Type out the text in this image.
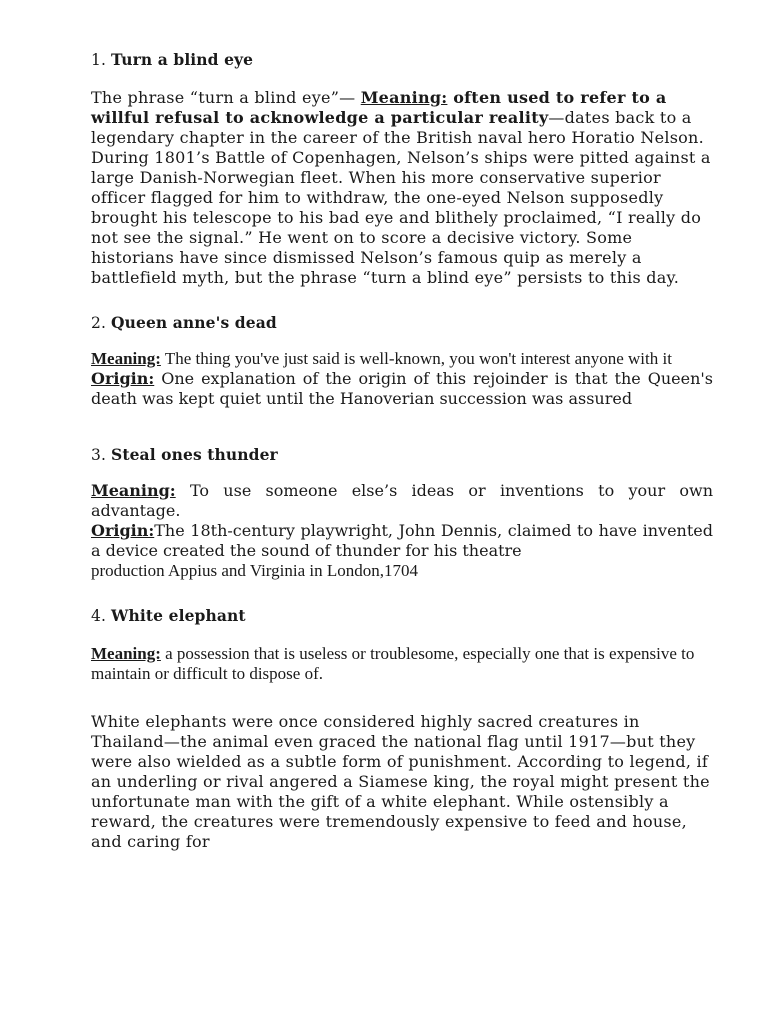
1. Turn a blind eye

The phrase “turn a blind eye”— Meaning: often used to refer to a willful refusal to acknowledge a particular reality—dates back to a legendary chapter in the career of the British naval hero Horatio Nelson. During 1801’s Battle of Copenhagen, Nelson’s ships were pitted against a large Danish-Norwegian fleet. When his more conservative superior officer flagged for him to withdraw, the one-eyed Nelson supposedly brought his telescope to his bad eye and blithely proclaimed, “I really do not see the signal.” He went on to score a decisive victory. Some historians have since dismissed Nelson’s famous quip as merely a battlefield myth, but the phrase “turn a blind eye” persists to this day.

2. Queen anne's dead

Meaning: The thing you've just said is well-known, you won't interest anyone with it

Origin: One explanation of the origin of this rejoinder is that the Queen's death was kept quiet until the Hanoverian succession was assured

3. Steal ones thunder

Meaning: To use someone else’s ideas or inventions to your own advantage.

Origin:The 18th-century playwright, John Dennis, claimed to have invented a device created the sound of thunder for his theatre

production Appius and Virginia in London,1704

4. White elephant

Meaning: a possession that is useless or troublesome, especially one that is expensive to maintain or difficult to dispose of.

White elephants were once considered highly sacred creatures in Thailand—the animal even graced the national flag until 1917—but they were also wielded as a subtle form of punishment. According to legend, if an underling or rival angered a Siamese king, the royal might present the unfortunate man with the gift of a white elephant. While ostensibly a reward, the creatures were tremendously expensive to feed and house, and caring for
